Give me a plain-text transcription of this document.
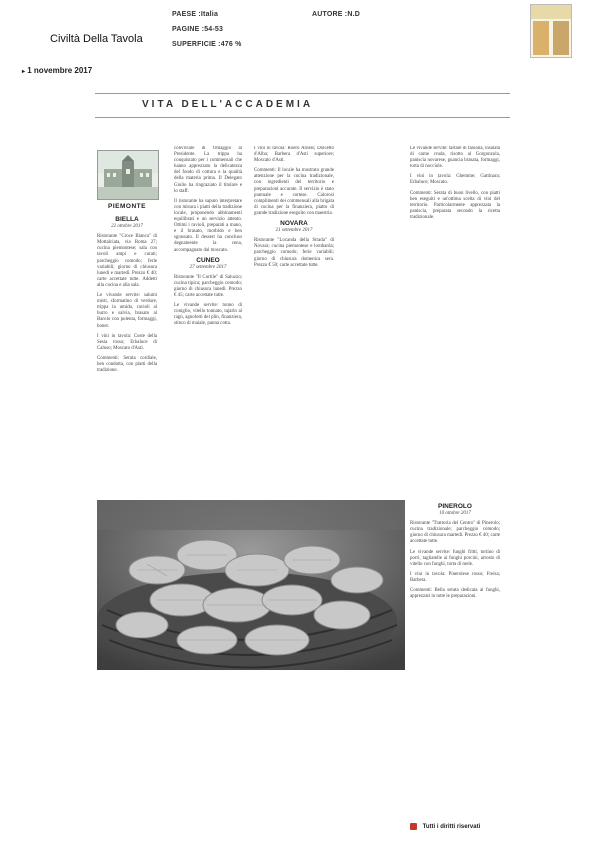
PAESE :Italia
PAGINE :54-53
SUPERFICIE :476 %
AUTORE :N.D
Civiltà Della Tavola
▸ 1 novembre 2017
VITA DELL'ACCADEMIA
PIEMONTE
BIELLA
22 ottobre 2017

Ristorante "Croce Bianca" di Mottalciata, via Roma 27; cucina piemontese; sala con tavoli ampi e curati; parcheggio comodo; ferie variabili; giorno di chiusura lunedì e martedì. Prezzo € 40; carte accettate tutte. Addetti alla cucina e alla sala.

Le vivande servite: salumi misti, sformatino di verdure, trippa in umido, ravioli al burro e salvia, brasato al Barolo con polenta, formaggi, bonet.

I vini in tavola: Coste della Sesia rosso; Erbaluce di Caluso; Moscato d'Asti.

Commenti: Serata cordiale, ben condotta, con piatti della tradizione.

conviviale di Omaggio al Presidente. La trippa ha conquistato per i commensali che hanno apprezzato la delicatezza del fondo di cottura e la qualità della materia prima. Il Delegato Giulio ha ringraziato il titolare e lo staff.

Il ristorante ha saputo interpretare con misura i piatti della tradizione locale, proponendo abbinamenti equilibrati e un servizio attento. Ottimi i ravioli, preparati a mano, e il brasato, morbido e ben sgrassato. Il dessert ha concluso degnamente la cena, accompagnato dal moscato.

CUNEO
27 settembre 2017

Ristorante "Il Cortile" di Saluzzo; cucina tipica; parcheggio comodo; giorno di chiusura lunedì. Prezzo € 45; carte accettate tutte.

Le vivande servite: tonno di coniglio, vitello tonnato, tajarin al ragù, agnolotti del plin, finanziera, stinco di maiale, panna cotta.

I vini in tavola: Roero Arneis; Dolcetto d'Alba; Barbera d'Asti superiore; Moscato d'Asti.

Commenti: Il locale ha mostrato grande attenzione per la cucina tradizionale, con ingredienti del territorio e preparazioni accurate. Il servizio è stato puntuale e cortese. Calorosi complimenti dei commensali alla brigata di cucina per la finanziera, piatto di grande tradizione eseguito con maestria.

NOVARA
21 settembre 2017

Ristorante "Locanda della Strada" di Novara; cucina piemontese e lombarda; parcheggio comodo; ferie variabili; giorno di chiusura domenica sera. Prezzo € 50; carte accettate tutte.

Le vivande servite: tartare di fassona, insalata di carne cruda, risotto al Gorgonzola, paniscia novarese, guancia brasata, formaggi, torta di nocciole.

I vini in tavola: Ghemme; Gattinara; Erbaluce; Moscato.

Commenti: Serata di buon livello, con piatti ben eseguiti e un'ottima scelta di vini del territorio. Particolarmente apprezzata la paniscia, preparata secondo la ricetta tradizionale.

PINEROLO
10 ottobre 2017

Ristorante "Trattoria del Centro" di Pinerolo; cucina tradizionale; parcheggio comodo; giorno di chiusura martedì. Prezzo € 40; carte accettate tutte.

Le vivande servite: funghi fritti, tortino di porri, tagliatelle ai funghi porcini, arrosto di vitello con funghi, torta di mele.

I vini in tavola: Pinerolese rosso; Freisa; Barbera.

Commenti: Bella serata dedicata ai funghi, apprezzati in tutte le preparazioni.

Tutti i diritti riservati
